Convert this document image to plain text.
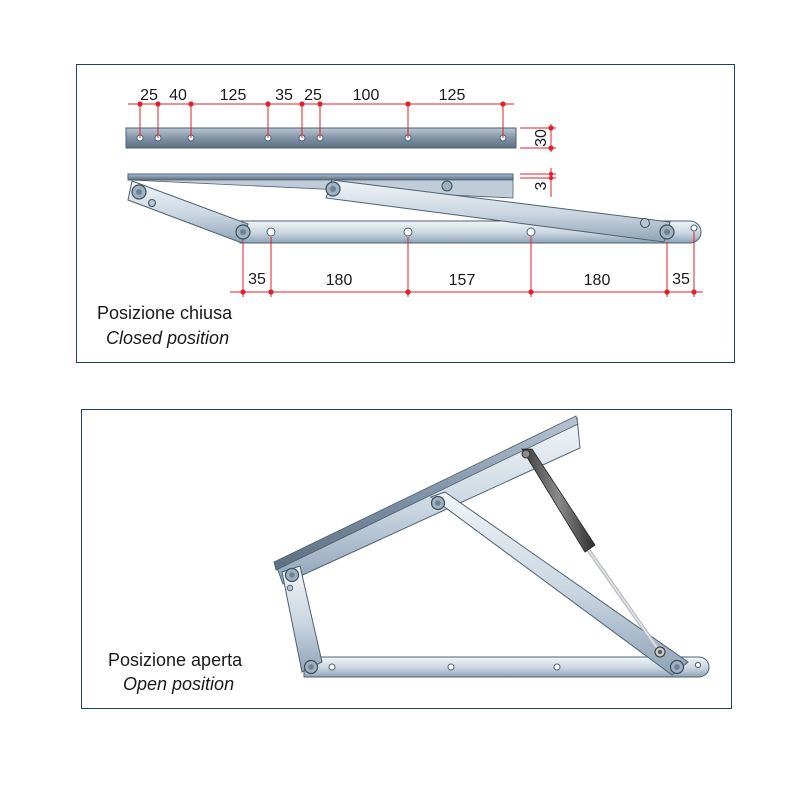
25 40 125 35 25 100	125
30
3
35	180	157	180	35
Posizione chiusa
Closed position
Posizione aperta
Open position
